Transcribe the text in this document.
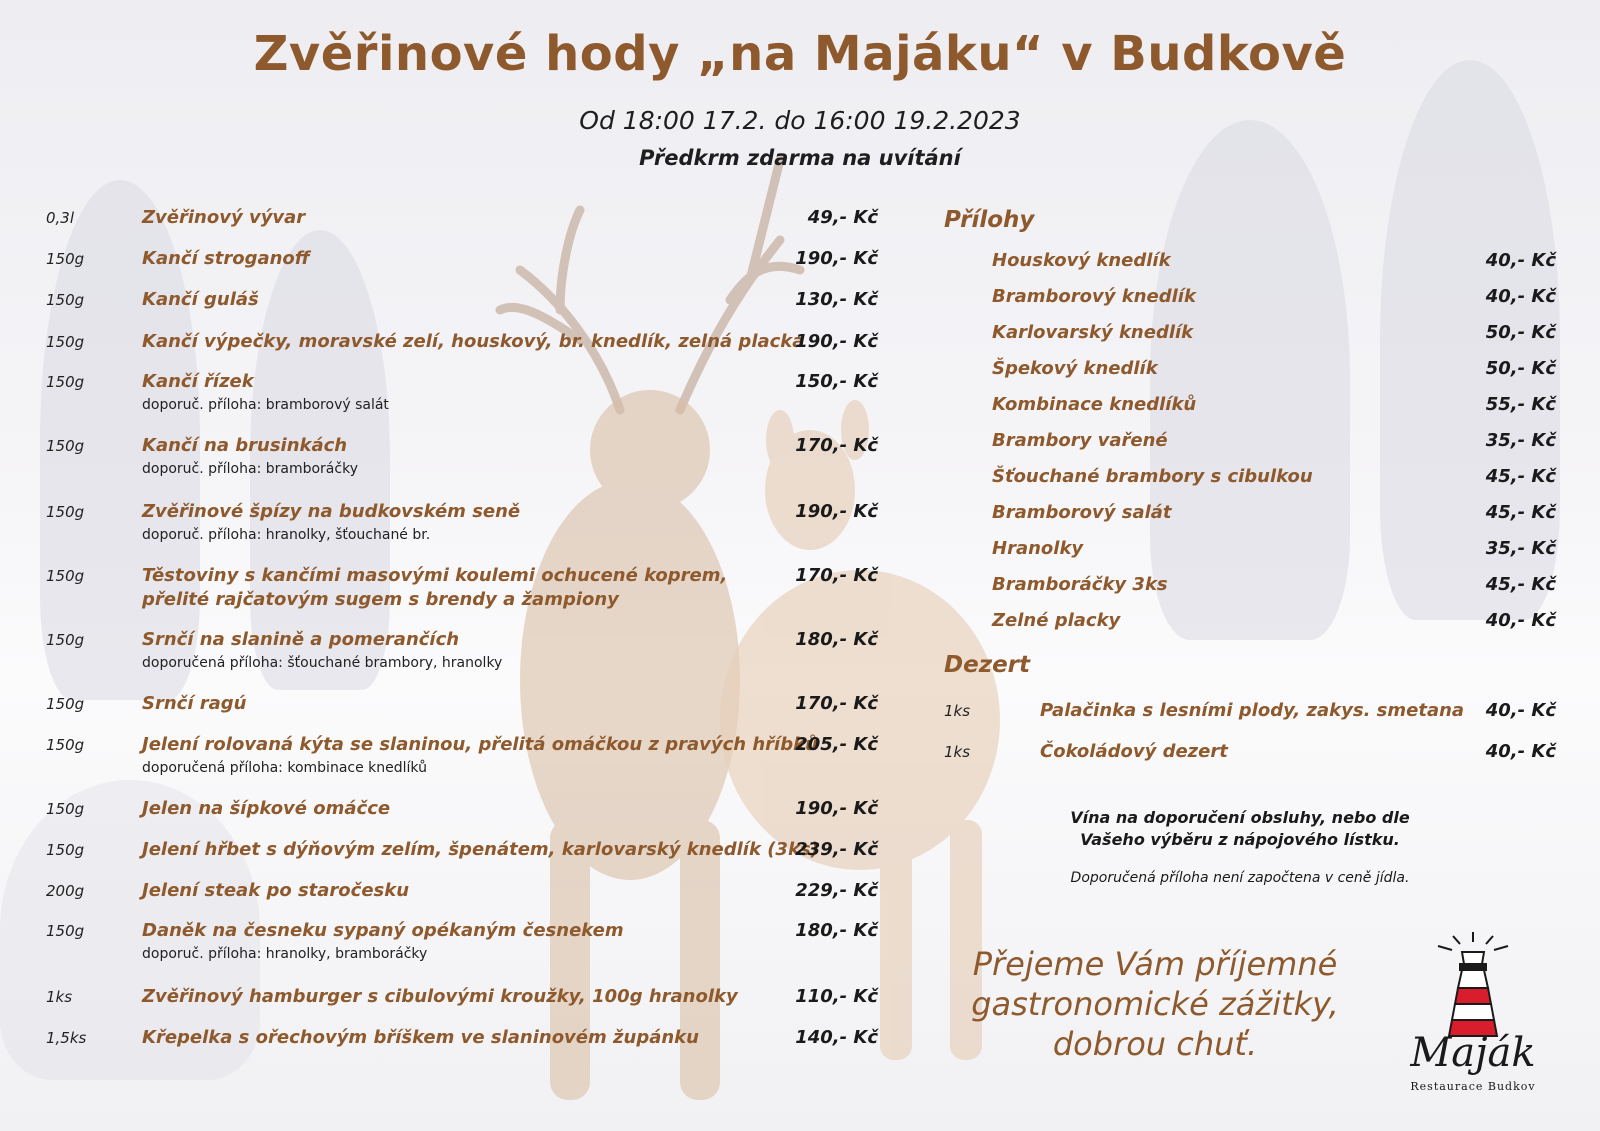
Zvěřinové hody „na Majáku“ v Budkově
Od 18:00 17.2. do 16:00 19.2.2023
Předkrm zdarma na uvítání
0,3l	Zvěřinový vývar	49,- Kč
150g	Kančí stroganoff	190,- Kč
150g	Kančí guláš	130,- Kč
150g	Kančí výpečky, moravské zelí, houskový, br. knedlík, zelná placka
190,- Kč
150g	Kančí řízek
doporuč. příloha: bramborový salát
150,- Kč
150g	Kančí na brusinkách
doporuč. příloha: bramboráčky
170,- Kč
150g	Zvěřinové špízy na budkovském seně
doporuč. příloha: hranolky, šťouchané br.
190,- Kč
150g	Těstoviny s kančími masovými koulemi ochucené koprem,
přelité rajčatovým sugem s brendy a žampiony
170,- Kč
150g	Srnčí na slanině a pomerančích
doporučená příloha: šťouchané brambory, hranolky
180,- Kč
150g	Srnčí ragú	170,- Kč
150g	Jelení rolovaná kýta se slaninou, přelitá omáčkou z pravých hříbků
doporučená příloha: kombinace knedlíků
205,- Kč
150g	Jelen na šípkové omáčce	190,- Kč
150g	Jelení hřbet s dýňovým zelím, špenátem, karlovarský knedlík (3ks)
239,- Kč
200g	Jelení steak po staročesku	229,- Kč
150g	Daněk na česneku sypaný opékaným česnekem
doporuč. příloha: hranolky, bramboráčky
180,- Kč
1ks	Zvěřinový hamburger s cibulovými kroužky, 100g hranolky	110,- Kč
1,5ks	Křepelka s ořechovým bříškem ve slaninovém župánku	140,- Kč
Přílohy
Houskový knedlík	40,- Kč
Bramborový knedlík	40,- Kč
Karlovarský knedlík	50,- Kč
Špekový knedlík	50,- Kč
Kombinace knedlíků	55,- Kč
Brambory vařené	35,- Kč
Šťouchané brambory s cibulkou	45,- Kč
Bramborový salát	45,- Kč
Hranolky	35,- Kč
Bramboráčky 3ks	45,- Kč
Zelné placky	40,- Kč
Dezert
1ks	Palačinka s lesními plody, zakys. smetana 40,- Kč
1ks	Čokoládový dezert	40,- Kč
Vína na doporučení obsluhy, nebo dle
Vašeho výběru z nápojového lístku.
Doporučená příloha není započtena v ceně jídla.
Přejeme Vám příjemné
gastronomické zážitky,
dobrou chuť.	Maják
Restaurace Budkov
